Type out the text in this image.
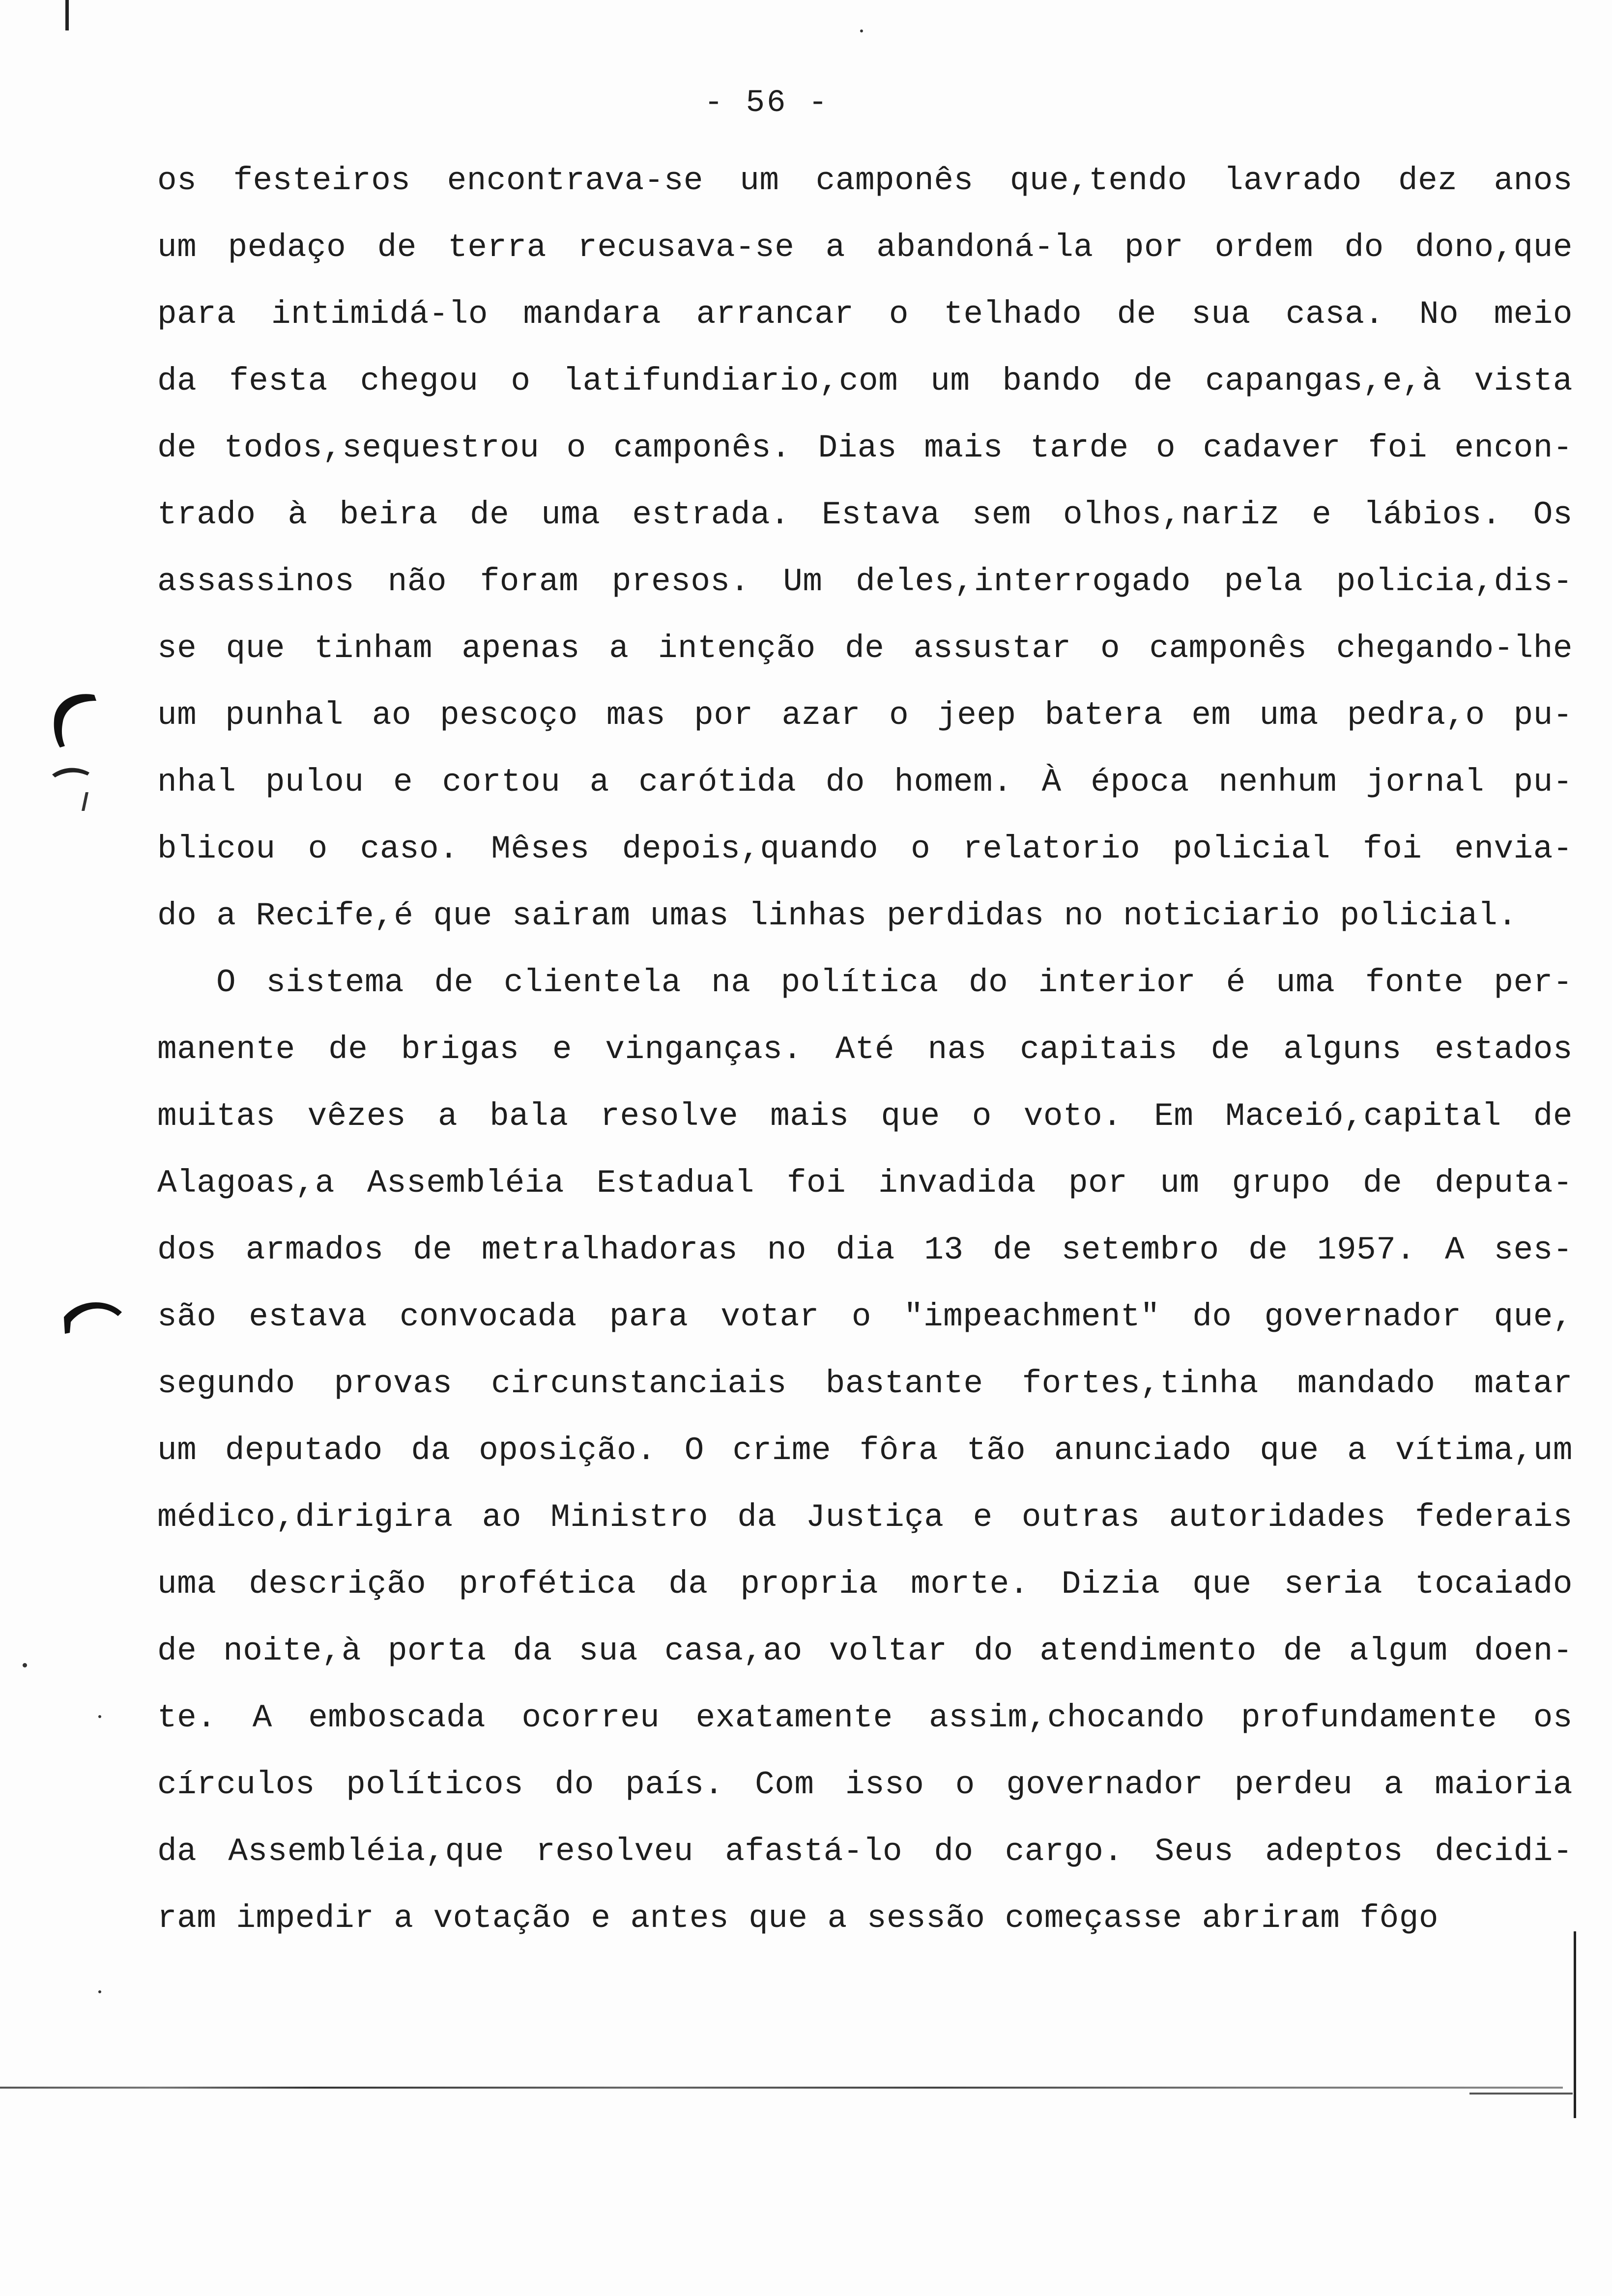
- 56 -

os festeiros encontrava-se um camponês que,tendo lavrado dez anos
um pedaço de terra recusava-se a abandoná-la por ordem do dono,que
para intimidá-lo mandara arrancar o telhado de sua casa. No meio
da festa chegou o latifundiario,com um bando de capangas,e,à vista
de todos,sequestrou o camponês. Dias mais tarde o cadaver foi encon-
trado à beira de uma estrada. Estava sem olhos,nariz e lábios. Os
assassinos não foram presos. Um deles,interrogado pela policia,dis-
se que tinham apenas a intenção de assustar o camponês chegando-lhe
um punhal ao pescoço mas por azar o jeep batera em uma pedra,o pu-
nhal pulou e cortou a carótida do homem. À época nenhum jornal pu-
blicou o caso. Mêses depois,quando o relatorio policial foi envia-
do a Recife,é que sairam umas linhas perdidas no noticiario policial.
O sistema de clientela na política do interior é uma fonte per-
manente de brigas e vinganças. Até nas capitais de alguns estados
muitas vêzes a bala resolve mais que o voto. Em Maceió,capital de
Alagoas,a Assembléia Estadual foi invadida por um grupo de deputa-
dos armados de metralhadoras no dia 13 de setembro de 1957. A ses-
são estava convocada para votar o "impeachment" do governador que,
segundo provas circunstanciais bastante fortes,tinha mandado matar
um deputado da oposição. O crime fôra tão anunciado que a vítima,um
médico,dirigira ao Ministro da Justiça e outras autoridades federais
uma descrição profética da propria morte. Dizia que seria tocaiado
de noite,à porta da sua casa,ao voltar do atendimento de algum doen-
te. A emboscada ocorreu exatamente assim,chocando profundamente os
círculos políticos do país. Com isso o governador perdeu a maioria
da Assembléia,que resolveu afastá-lo do cargo. Seus adeptos decidi-
ram impedir a votação e antes que a sessão começasse abriram fôgo
